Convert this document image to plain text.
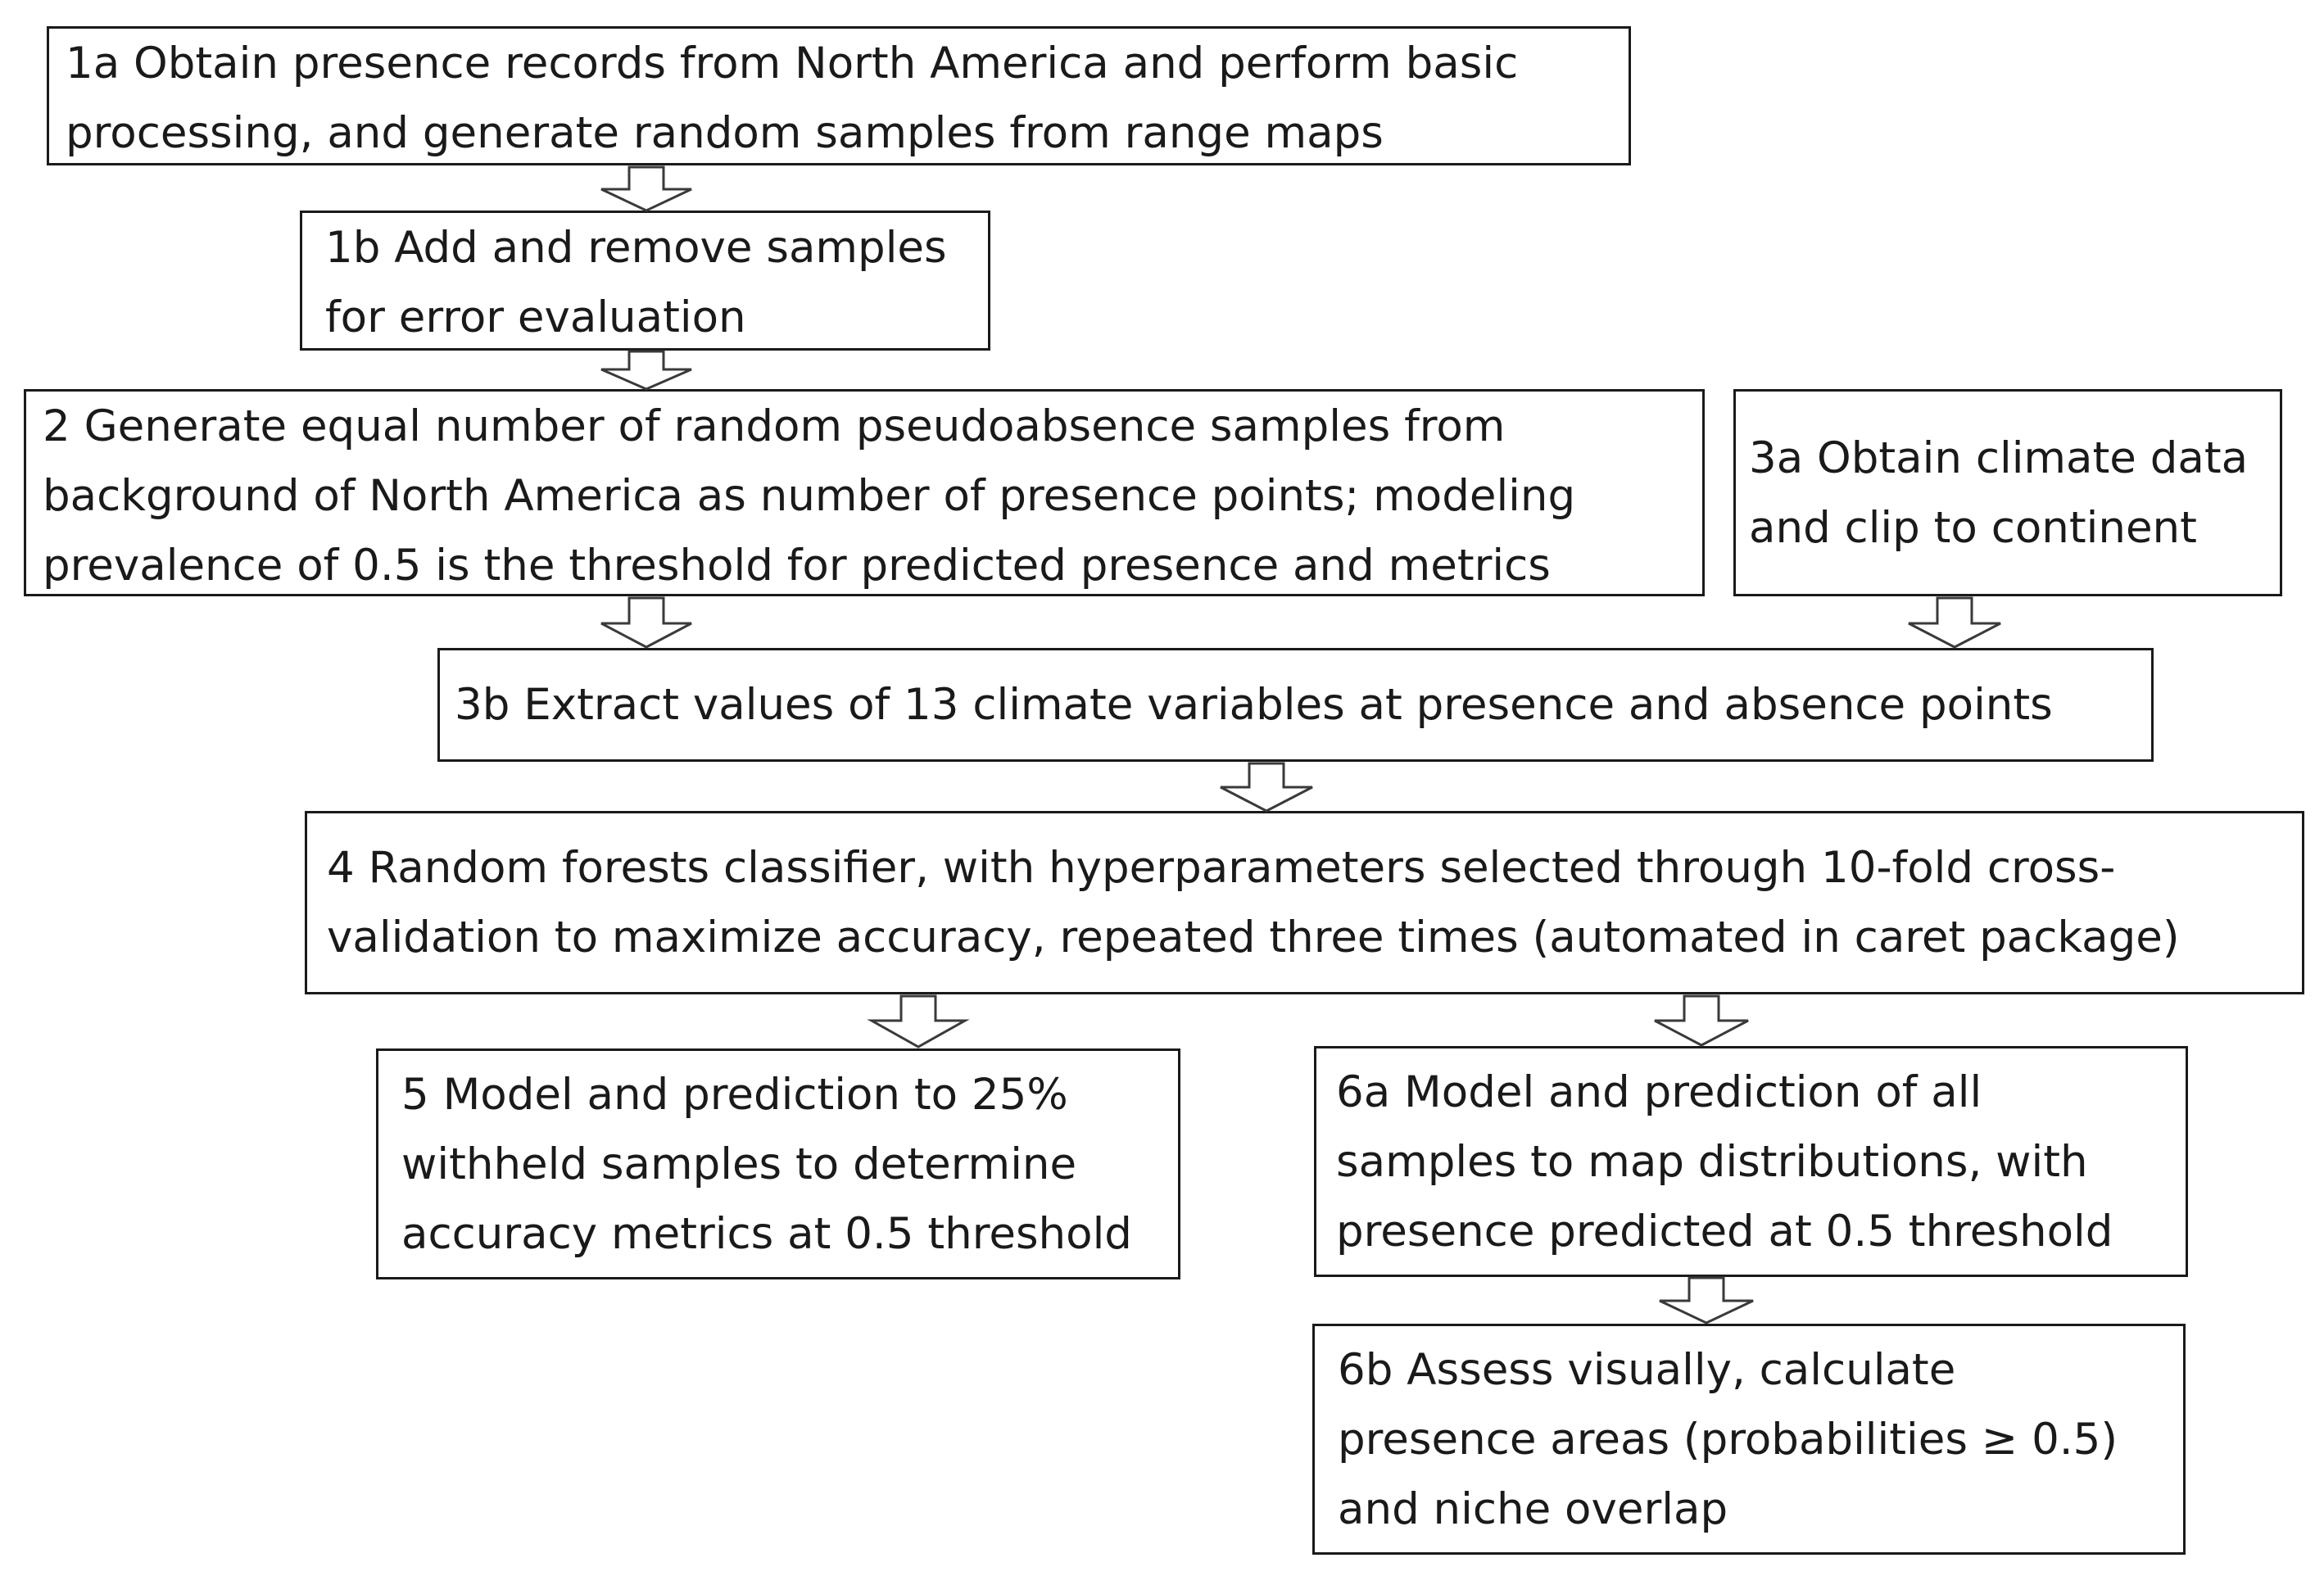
1a Obtain presence records from North America and perform basic
processing, and generate random samples from range maps
1b Add and remove samples
for error evaluation
2 Generate equal number of random pseudoabsence samples from
background of North America as number of presence points; modeling
prevalence of 0.5 is the threshold for predicted presence and metrics
3a Obtain climate data
and clip to continent
3b Extract values of 13 climate variables at presence and absence points
4 Random forests classifier, with hyperparameters selected through 10-fold cross-
validation to maximize accuracy, repeated three times (automated in caret package)
5 Model and prediction to 25%
withheld samples to determine
accuracy metrics at 0.5 threshold
6a Model and prediction of all
samples to map distributions, with
presence predicted at 0.5 threshold
6b Assess visually, calculate
presence areas (probabilities ≥ 0.5)
and niche overlap
